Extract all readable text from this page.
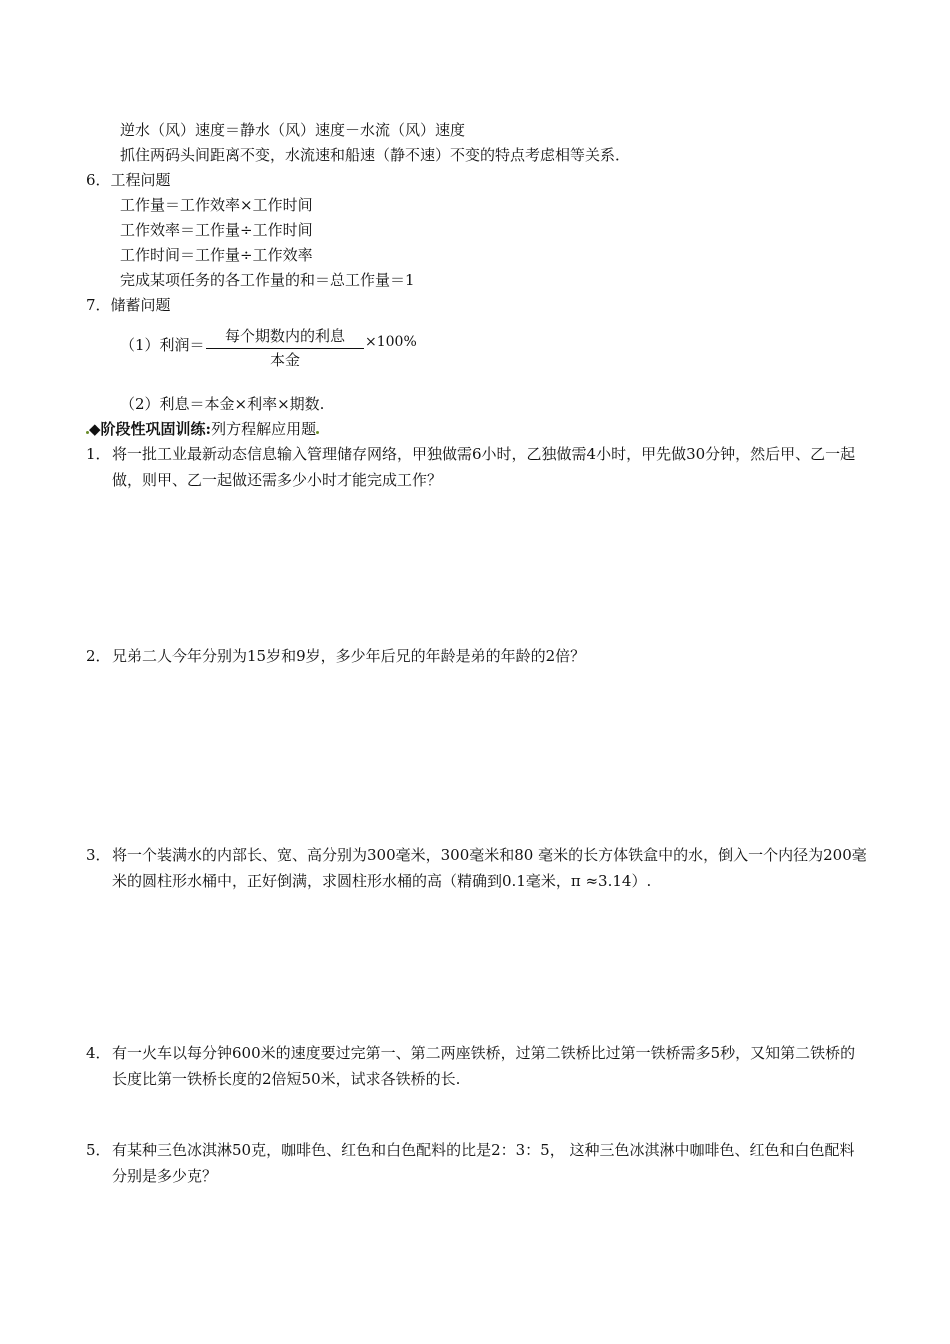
逆水（风）速度＝静水（风）速度－水流（风）速度
抓住两码头间距离不变，水流速和船速（静不速）不变的特点考虑相等关系．
6．工程问题
工作量＝工作效率×工作时间
工作效率＝工作量÷工作时间
工作时间＝工作量÷工作效率
完成某项任务的各工作量的和＝总工作量＝1
7．储蓄问题
（1）利润＝	每个期数内的利息
本金
×100%
（2）利息＝本金×利率×期数.
◆阶段性巩固训练:列方程解应用题
1． 将一批工业最新动态信息输入管理储存网络，甲独做需6小时，乙独做需4小时，甲先做30分钟，然后甲、乙一起做，则甲、乙一起做还需多少小时才能完成工作？
2． 兄弟二人今年分别为15岁和9岁，多少年后兄的年龄是弟的年龄的2倍？
3． 将一个装满水的内部长、宽、高分别为300毫米，300毫米和80 毫米的长方体铁盒中的水，倒入一个内径为200毫米的圆柱形水桶中，正好倒满，求圆柱形水桶的高（精确到0.1毫米，π ≈3.14）.
4． 有一火车以每分钟600米的速度要过完第一、第二两座铁桥，过第二铁桥比过第一铁桥需多5秒，又知第二铁桥的长度比第一铁桥长度的2倍短50米，试求各铁桥的长.
5． 有某种三色冰淇淋50克，咖啡色、红色和白色配料的比是2：3：5， 这种三色冰淇淋中咖啡色、红色和白色配料分别是多少克？
